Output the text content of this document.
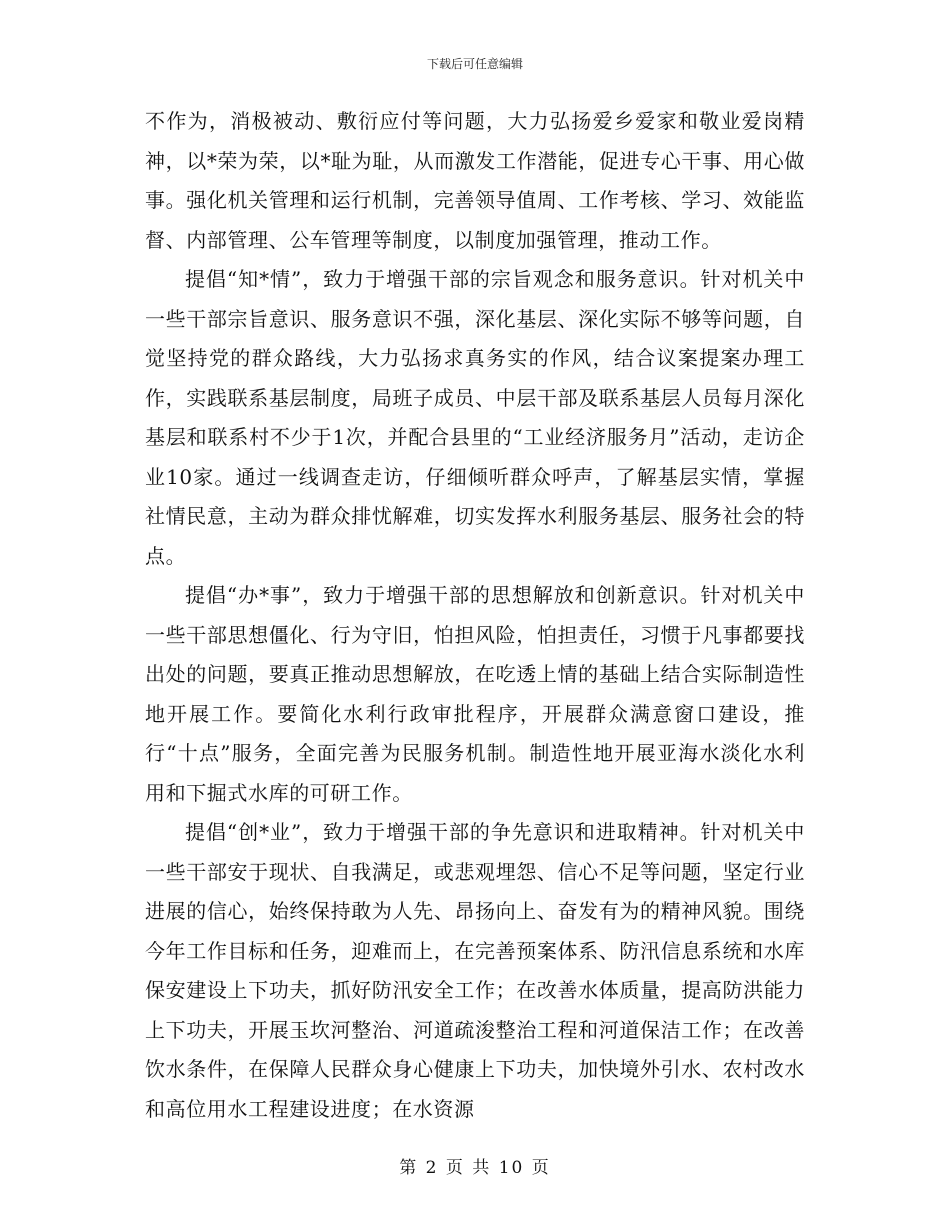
下载后可任意编辑

不作为，消极被动、敷衍应付等问题，大力弘扬爱乡爱家和敬业爱岗精神，以*荣为荣，以*耻为耻，从而激发工作潜能，促进专心干事、用心做事。强化机关管理和运行机制，完善领导值周、工作考核、学习、效能监督、内部管理、公车管理等制度，以制度加强管理，推动工作。

提倡“知*情”，致力于增强干部的宗旨观念和服务意识。针对机关中一些干部宗旨意识、服务意识不强，深化基层、深化实际不够等问题，自觉坚持党的群众路线，大力弘扬求真务实的作风，结合议案提案办理工作，实践联系基层制度，局班子成员、中层干部及联系基层人员每月深化基层和联系村不少于1次，并配合县里的“工业经济服务月”活动，走访企业10家。通过一线调查走访，仔细倾听群众呼声，了解基层实情，掌握社情民意，主动为群众排忧解难，切实发挥水利服务基层、服务社会的特点。

提倡“办*事”，致力于增强干部的思想解放和创新意识。针对机关中一些干部思想僵化、行为守旧，怕担风险，怕担责任，习惯于凡事都要找出处的问题，要真正推动思想解放，在吃透上情的基础上结合实际制造性地开展工作。要简化水利行政审批程序，开展群众满意窗口建设，推行“十点”服务，全面完善为民服务机制。制造性地开展亚海水淡化水利用和下掘式水库的可研工作。

提倡“创*业”，致力于增强干部的争先意识和进取精神。针对机关中一些干部安于现状、自我满足，或悲观埋怨、信心不足等问题，坚定行业进展的信心，始终保持敢为人先、昂扬向上、奋发有为的精神风貌。围绕今年工作目标和任务，迎难而上，在完善预案体系、防汛信息系统和水库保安建设上下功夫，抓好防汛安全工作；在改善水体质量，提高防洪能力上下功夫，开展玉坎河整治、河道疏浚整治工程和河道保洁工作；在改善饮水条件，在保障人民群众身心健康上下功夫，加快境外引水、农村改水和高位用水工程建设进度；在水资源

第 2 页 共 10 页
